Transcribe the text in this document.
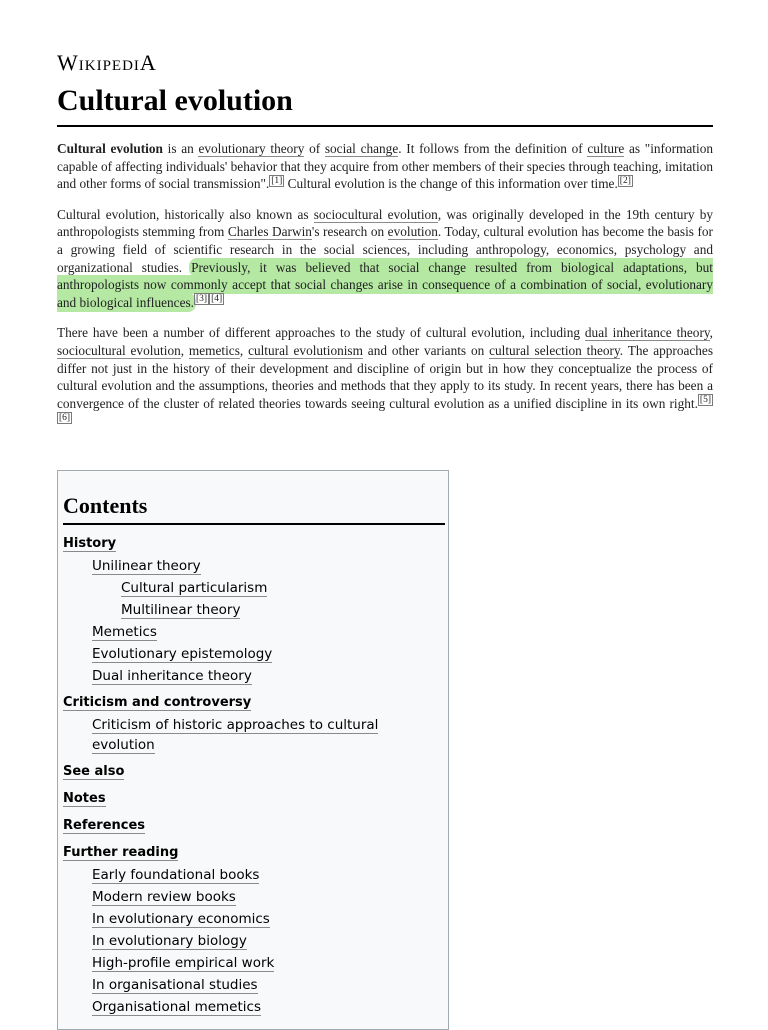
WikipediA
Cultural evolution

Cultural evolution is an evolutionary theory of social change. It follows from the definition of culture as "information capable of affecting individuals' behavior that they acquire from other members of their species through teaching, imitation and other forms of social transmission". [1] Cultural evolution is the change of this information over time. [2]

Cultural evolution, historically also known as sociocultural evolution, was originally developed in the 19th century by anthropologists stemming from Charles Darwin's research on evolution. Today, cultural evolution has become the basis for a growing field of scientific research in the social sciences, including anthropology, economics, psychology and organizational studies. Previously, it was believed that social change resulted from biological adaptations, but anthropologists now commonly accept that social changes arise in consequence of a combination of social, evolutionary and biological influences. [3] [4]

There have been a number of different approaches to the study of cultural evolution, including dual inheritance theory, sociocultural evolution, memetics, cultural evolutionism and other variants on cultural selection theory. The approaches differ not just in the history of their development and discipline of origin but in how they conceptualize the process of cultural evolution and the assumptions, theories and methods that they apply to its study. In recent years, there has been a convergence of the cluster of related theories towards seeing cultural evolution as a unified discipline in its own right. [5][6]

Contents
History
Unilinear theory
Cultural particularism
Multilinear theory
Memetics
Evolutionary epistemology
Dual inheritance theory
Criticism and controversy
Criticism of historic approaches to cultural evolution
See also
Notes
References
Further reading
Early foundational books
Modern review books
In evolutionary economics
In evolutionary biology
High-profile empirical work
In organisational studies
Organisational memetics
